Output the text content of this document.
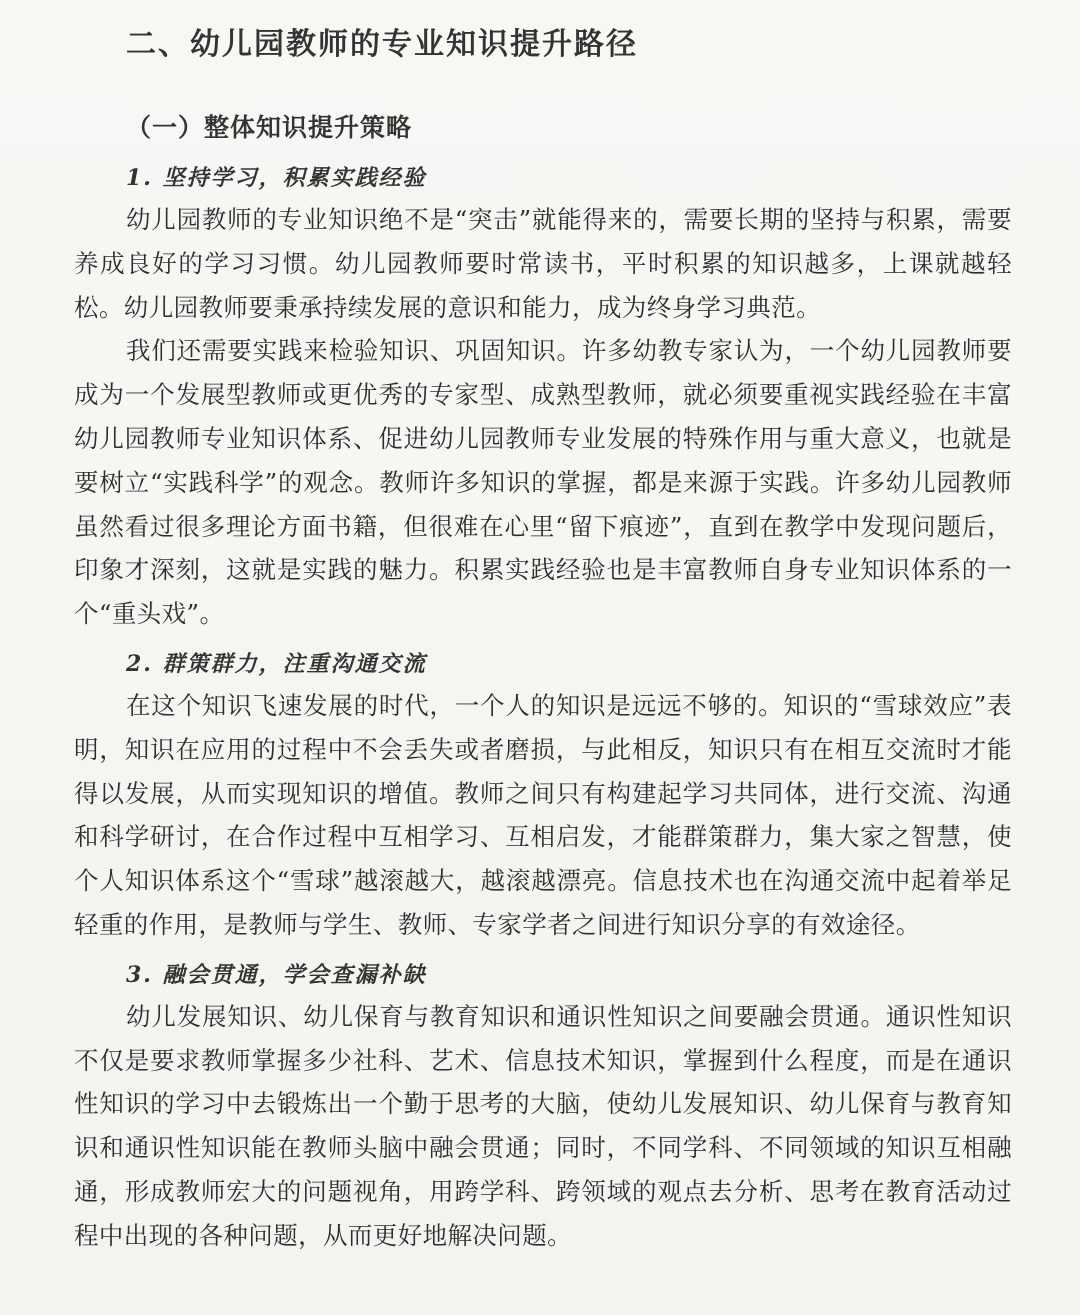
二、幼儿园教师的专业知识提升路径
（一）整体知识提升策略
1. 坚持学习，积累实践经验

幼儿园教师的专业知识绝不是“突击”就能得来的，需要长期的坚持与积累，需要养成良好的学习习惯。幼儿园教师要时常读书，平时积累的知识越多，上课就越轻松。幼儿园教师要秉承持续发展的意识和能力，成为终身学习典范。

我们还需要实践来检验知识、巩固知识。许多幼教专家认为，一个幼儿园教师要成为一个发展型教师或更优秀的专家型、成熟型教师，就必须要重视实践经验在丰富幼儿园教师专业知识体系、促进幼儿园教师专业发展的特殊作用与重大意义，也就是要树立“实践科学”的观念。教师许多知识的掌握，都是来源于实践。许多幼儿园教师虽然看过很多理论方面书籍，但很难在心里“留下痕迹”，直到在教学中发现问题后，印象才深刻，这就是实践的魅力。积累实践经验也是丰富教师自身专业知识体系的一个“重头戏”。

2. 群策群力，注重沟通交流

在这个知识飞速发展的时代，一个人的知识是远远不够的。知识的“雪球效应”表明，知识在应用的过程中不会丢失或者磨损，与此相反，知识只有在相互交流时才能得以发展，从而实现知识的增值。教师之间只有构建起学习共同体，进行交流、沟通和科学研讨，在合作过程中互相学习、互相启发，才能群策群力，集大家之智慧，使个人知识体系这个“雪球”越滚越大，越滚越漂亮。信息技术也在沟通交流中起着举足轻重的作用，是教师与学生、教师、专家学者之间进行知识分享的有效途径。

3. 融会贯通，学会查漏补缺

幼儿发展知识、幼儿保育与教育知识和通识性知识之间要融会贯通。通识性知识不仅是要求教师掌握多少社科、艺术、信息技术知识，掌握到什么程度，而是在通识性知识的学习中去锻炼出一个勤于思考的大脑，使幼儿发展知识、幼儿保育与教育知识和通识性知识能在教师头脑中融会贯通；同时，不同学科、不同领域的知识互相融通，形成教师宏大的问题视角，用跨学科、跨领域的观点去分析、思考在教育活动过程中出现的各种问题，从而更好地解决问题。
